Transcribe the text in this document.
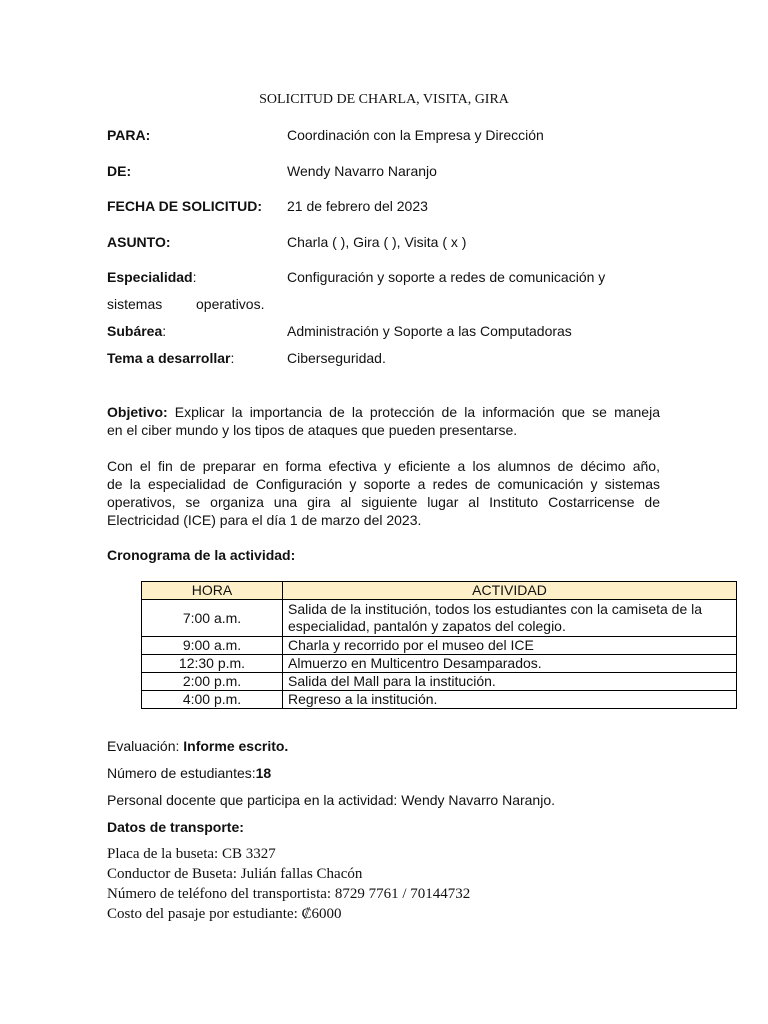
SOLICITUD DE CHARLA, VISITA, GIRA
PARA:	Coordinación con la Empresa y Dirección
DE:	Wendy Navarro Naranjo
FECHA DE SOLICITUD: 21 de febrero del 2023
ASUNTO:	Charla ( ), Gira ( ), Visita ( x )
Especialidad:	Configuración y soporte a redes de comunicación y
sistemas operativos.
Subárea:	Administración y Soporte a las Computadoras
Tema a desarrollar:	Ciberseguridad.
Objetivo: Explicar la importancia de la protección de la información que se maneja
en el ciber mundo y los tipos de ataques que pueden presentarse.
Con el fin de preparar en forma efectiva y eficiente a los alumnos de décimo año,
de la especialidad de Configuración y soporte a redes de comunicación y sistemas
operativos, se organiza una gira al siguiente lugar al Instituto Costarricense de
Electricidad (ICE) para el día 1 de marzo del 2023.
Cronograma de la actividad:
HORA	ACTIVIDAD
7:00 a.m.	Salida de la institución, todos los estudiantes con la camiseta de la especialidad, pantalón y zapatos del colegio.
9:00 a.m.	Charla y recorrido por el museo del ICE
12:30 p.m.	Almuerzo en Multicentro Desamparados.
2:00 p.m.	Salida del Mall para la institución.
4:00 p.m.	Regreso a la institución.
Evaluación: Informe escrito.
Número de estudiantes:18
Personal docente que participa en la actividad: Wendy Navarro Naranjo.
Datos de transporte:
Placa de la buseta: CB 3327
Conductor de Buseta: Julián fallas Chacón
Número de teléfono del transportista: 8729 7761 / 70144732
Costo del pasaje por estudiante: ₡6000
